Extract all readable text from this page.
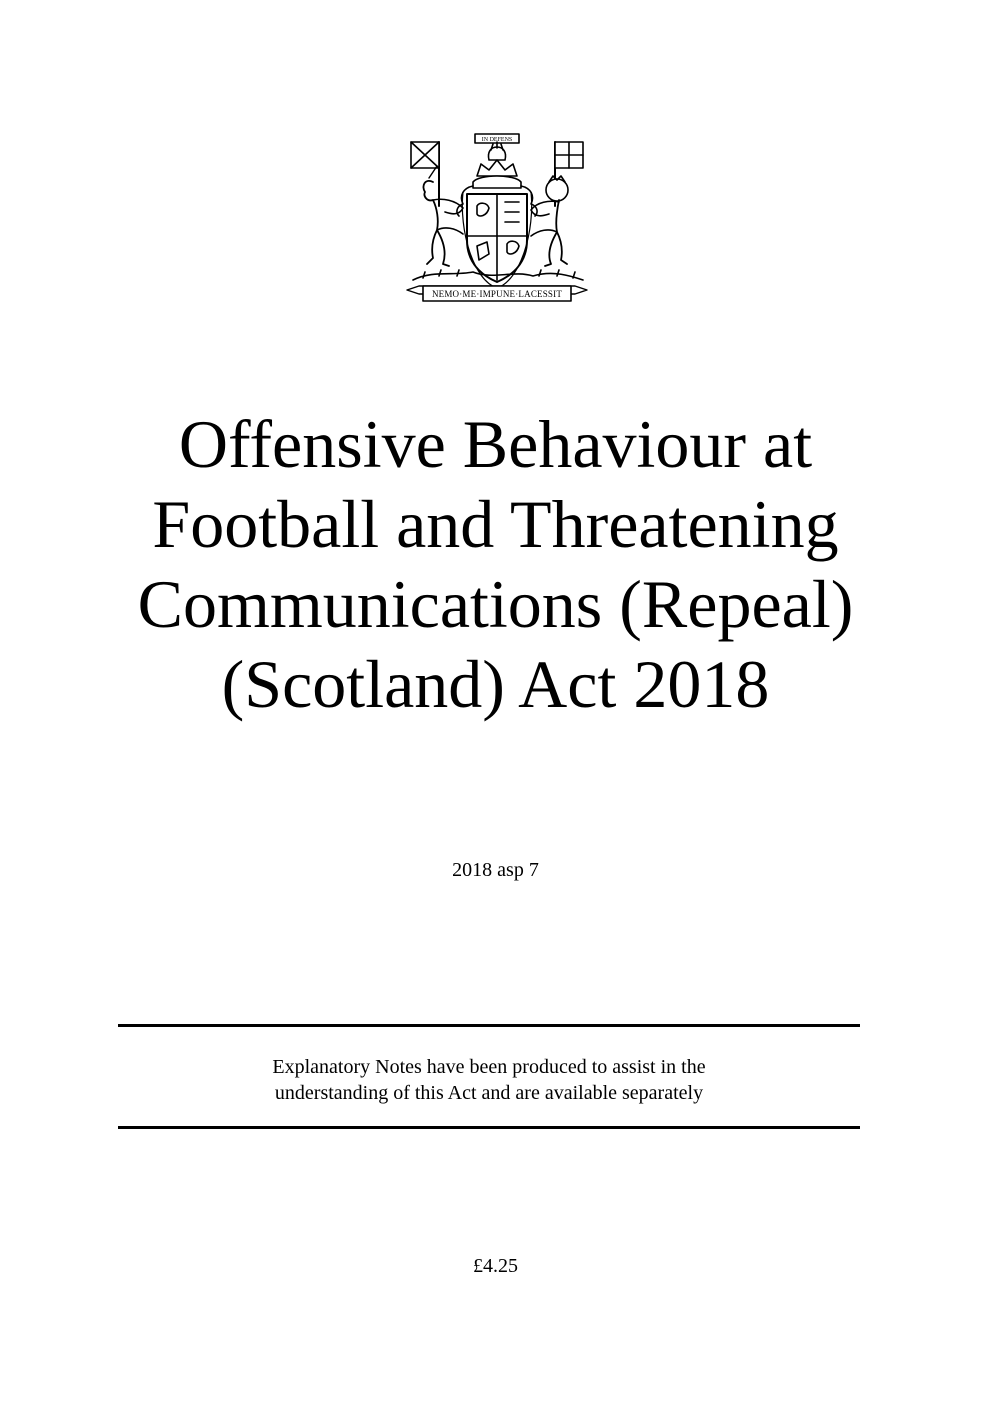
IN DEFENS
NEMO·ME·IMPUNE·LACESSIT
Offensive Behaviour at Football and Threatening Communications (Repeal) (Scotland) Act 2018
2018 asp 7
Explanatory Notes have been produced to assist in the
understanding of this Act and are available separately
£4.25
